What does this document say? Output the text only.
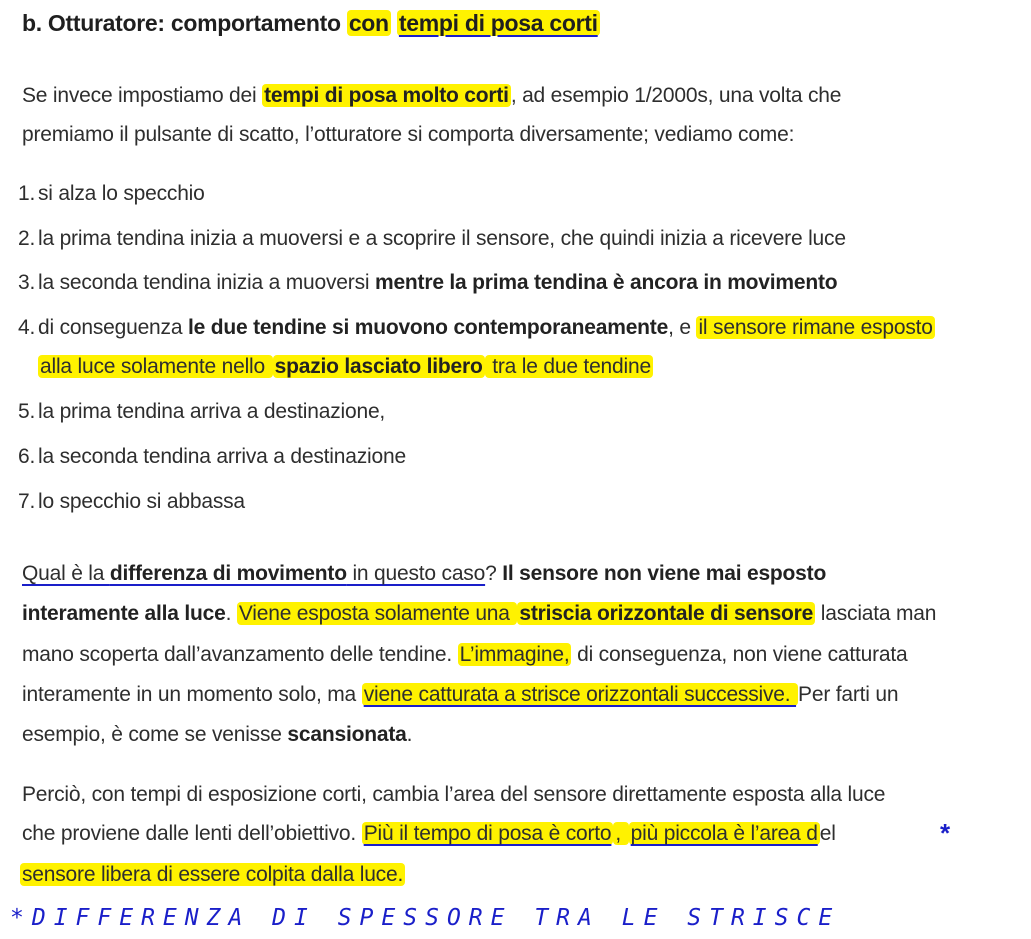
b. Otturatore: comportamento con tempi di posa corti
Se invece impostiamo dei tempi di posa molto corti, ad esempio 1/2000s, una volta che
premiamo il pulsante di scatto, l’otturatore si comporta diversamente; vediamo come:
1. si alza lo specchio
2. la prima tendina inizia a muoversi e a scoprire il sensore, che quindi inizia a ricevere luce
3. la seconda tendina inizia a muoversi mentre la prima tendina è ancora in movimento
4. di conseguenza le due tendine si muovono contemporaneamente, e il sensore rimane esposto
alla luce solamente nello spazio lasciato libero tra le due tendine
5. la prima tendina arriva a destinazione,
6. la seconda tendina arriva a destinazione
7. lo specchio si abbassa
Qual è la differenza di movimento in questo caso? Il sensore non viene mai esposto
interamente alla luce. Viene esposta solamente una striscia orizzontale di sensore lasciata man
mano scoperta dall’avanzamento delle tendine. L’immagine, di conseguenza, non viene catturata
interamente in un momento solo, ma viene catturata a strisce orizzontali successive. Per farti un
esempio, è come se venisse scansionata.
Perciò, con tempi di esposizione corti, cambia l’area del sensore direttamente esposta alla luce
che proviene dalle lenti dell’obiettivo. Più il tempo di posa è corto , più piccola è l’area del	*
sensore libera di essere colpita dalla luce.
*DIFFERENZA DI SPESSORE TRA LE STRISCE
